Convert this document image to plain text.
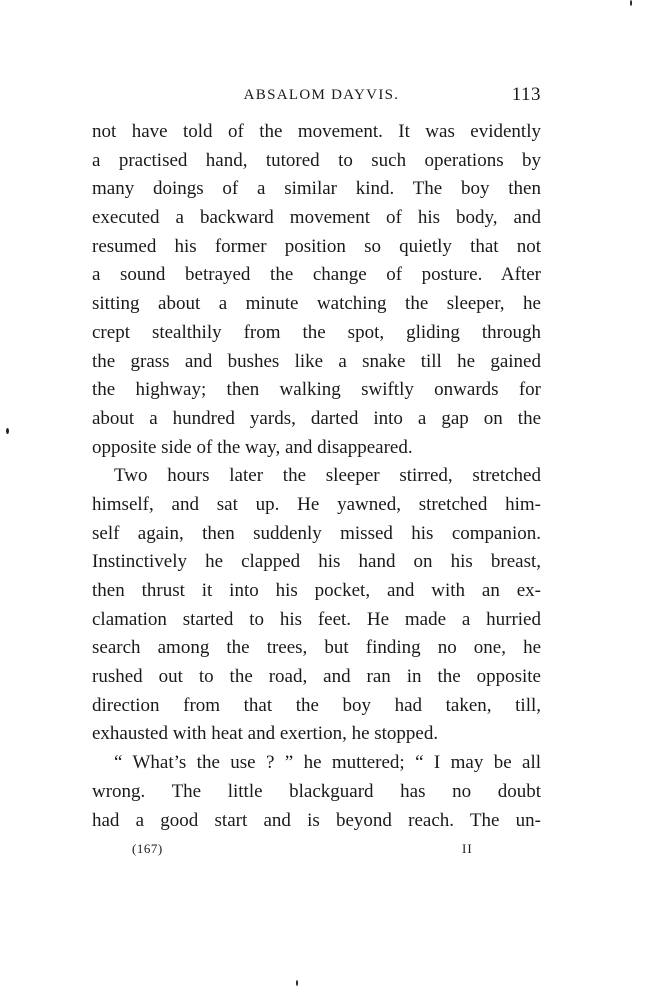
ABSALOM DAYVIS.	113
not have told of the movement. It was evidently
a practised hand, tutored to such operations by
many doings of a similar kind. The boy then
executed a backward movement of his body, and
resumed his former position so quietly that not
a sound betrayed the change of posture. After
sitting about a minute watching the sleeper, he
crept stealthily from the spot, gliding through
the grass and bushes like a snake till he gained
the highway; then walking swiftly onwards for
about a hundred yards, darted into a gap on the
opposite side of the way, and disappeared.
Two hours later the sleeper stirred, stretched
himself, and sat up. He yawned, stretched him-
self again, then suddenly missed his companion.
Instinctively he clapped his hand on his breast,
then thrust it into his pocket, and with an ex-
clamation started to his feet. He made a hurried
search among the trees, but finding no one, he
rushed out to the road, and ran in the opposite
direction from that the boy had taken, till,
exhausted with heat and exertion, he stopped.
“ What’s the use ? ” he muttered; “ I may be all
wrong. The little blackguard has no doubt
had a good start and is beyond reach. The un-
(167)	II
